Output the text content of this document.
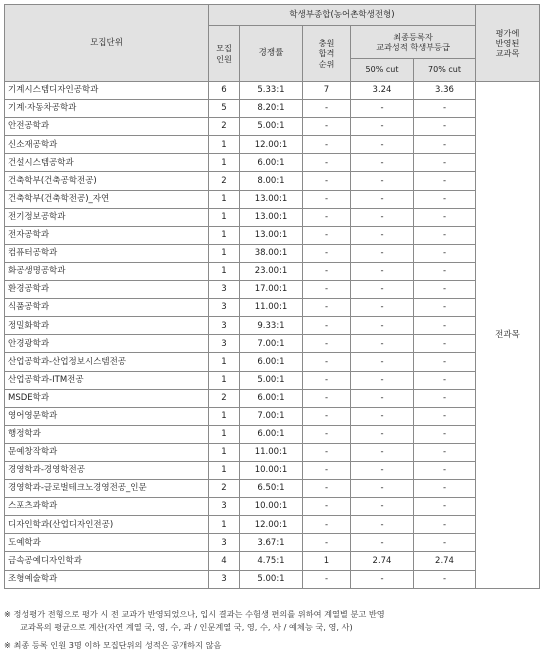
모집단위	학생부종합(농어촌학생전형)					평가에
반영된
교과목
	모집
인원	경쟁률	충원
합격
순위	최종등록자
교과성적 학생부등급		
				50% cut	70% cut	
기계시스템디자인공학과	6	5.33:1	7	3.24	3.36	전과목
기계·자동차공학과	5	8.20:1	-	-	-	
안전공학과	2	5.00:1	-	-	-	
신소재공학과	1	12.00:1	-	-	-	
건설시스템공학과	1	6.00:1	-	-	-	
건축학부(건축공학전공)	2	8.00:1	-	-	-	
건축학부(건축학전공)_자연	1	13.00:1	-	-	-	
전기정보공학과	1	13.00:1	-	-	-	
전자공학과	1	13.00:1	-	-	-	
컴퓨터공학과	1	38.00:1	-	-	-	
화공생명공학과	1	23.00:1	-	-	-	
환경공학과	3	17.00:1	-	-	-	
식품공학과	3	11.00:1	-	-	-	
정밀화학과	3	9.33:1	-	-	-	
안경광학과	3	7.00:1	-	-	-	
산업공학과-산업정보시스템전공	1	6.00:1	-	-	-	
산업공학과-ITM전공	1	5.00:1	-	-	-	
MSDE학과	2	6.00:1	-	-	-	
영어영문학과	1	7.00:1	-	-	-	
행정학과	1	6.00:1	-	-	-	
문예창작학과	1	11.00:1	-	-	-	
경영학과-경영학전공	1	10.00:1	-	-	-	
경영학과-글로벌테크노경영전공_인문	2	6.50:1	-	-	-	
스포츠과학과	3	10.00:1	-	-	-	
디자인학과(산업디자인전공)	1	12.00:1	-	-	-	
도예학과	3	3.67:1	-	-	-	
금속공예디자인학과	4	4.75:1	1	2.74	2.74	
조형예술학과	3	5.00:1	-	-	-	

※ 정성평가 전형으로 평가 시 전 교과가 반영되었으나, 입시 결과는 수험생 편의를 위하여 계열별 분고 반영

교과목의 평균으로 계산(자연 계열 국, 영, 수, 과 / 인문계열 국, 영, 수, 사 / 예체능 국, 영, 사)

※ 최종 등록 인원 3명 이하 모집단위의 성적은 공개하지 않음
